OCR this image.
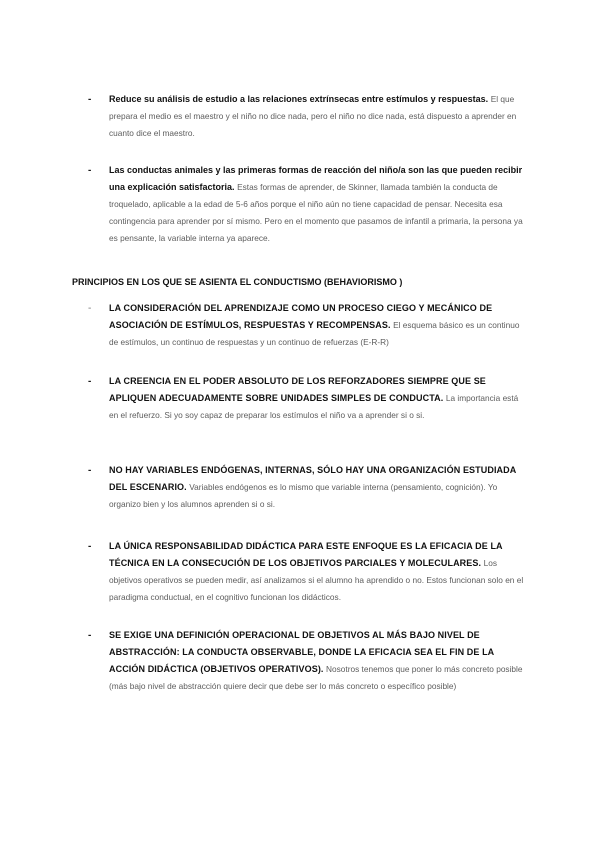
-	Reduce su análisis de estudio a las relaciones extrínsecas entre estímulos y respuestas. El que prepara el medio es el maestro y el niño no dice nada, pero el niño no dice nada, está dispuesto a aprender en cuanto dice el maestro.
-	Las conductas animales y las primeras formas de reacción del niño/a son las que pueden recibir una explicación satisfactoria. Estas formas de aprender, de Skinner, llamada también la conducta de troquelado, aplicable a la edad de 5-6 años porque el niño aún no tiene capacidad de pensar. Necesita esa contingencia para aprender por sí mismo. Pero en el momento que pasamos de infantil a primaria, la persona ya es pensante, la variable interna ya aparece.
PRINCIPIOS EN LOS QUE SE ASIENTA EL CONDUCTISMO (BEHAVIORISMO )
-	LA CONSIDERACIÓN DEL APRENDIZAJE COMO UN PROCESO CIEGO Y MECÁNICO DE ASOCIACIÓN DE ESTÍMULOS, RESPUESTAS Y RECOMPENSAS. El esquema básico es un continuo de estímulos, un continuo de respuestas y un continuo de refuerzas (E-R-R)
-	LA CREENCIA EN EL PODER ABSOLUTO DE LOS REFORZADORES SIEMPRE QUE SE APLIQUEN ADECUADAMENTE SOBRE UNIDADES SIMPLES DE CONDUCTA. La importancia está en el refuerzo. Si yo soy capaz de preparar los estímulos el niño va a aprender si o si.
-	NO HAY VARIABLES ENDÓGENAS, INTERNAS, SÓLO HAY UNA ORGANIZACIÓN ESTUDIADA DEL ESCENARIO. Variables endógenos es lo mismo que variable interna (pensamiento, cognición). Yo organizo bien y los alumnos aprenden si o si.
-	LA ÚNICA RESPONSABILIDAD DIDÁCTICA PARA ESTE ENFOQUE ES LA EFICACIA DE LA TÉCNICA EN LA CONSECUCIÓN DE LOS OBJETIVOS PARCIALES Y MOLECULARES. Los objetivos operativos se pueden medir, así analizamos si el alumno ha aprendido o no. Estos funcionan solo en el paradigma conductual, en el cognitivo funcionan los didácticos.
-	SE EXIGE UNA DEFINICIÓN OPERACIONAL DE OBJETIVOS AL MÁS BAJO NIVEL DE ABSTRACCIÓN: LA CONDUCTA OBSERVABLE, DONDE LA EFICACIA SEA EL FIN DE LA ACCIÓN DIDÁCTICA (OBJETIVOS OPERATIVOS). Nosotros tenemos que poner lo más concreto posible (más bajo nivel de abstracción quiere decir que debe ser lo más concreto o específico posible)
